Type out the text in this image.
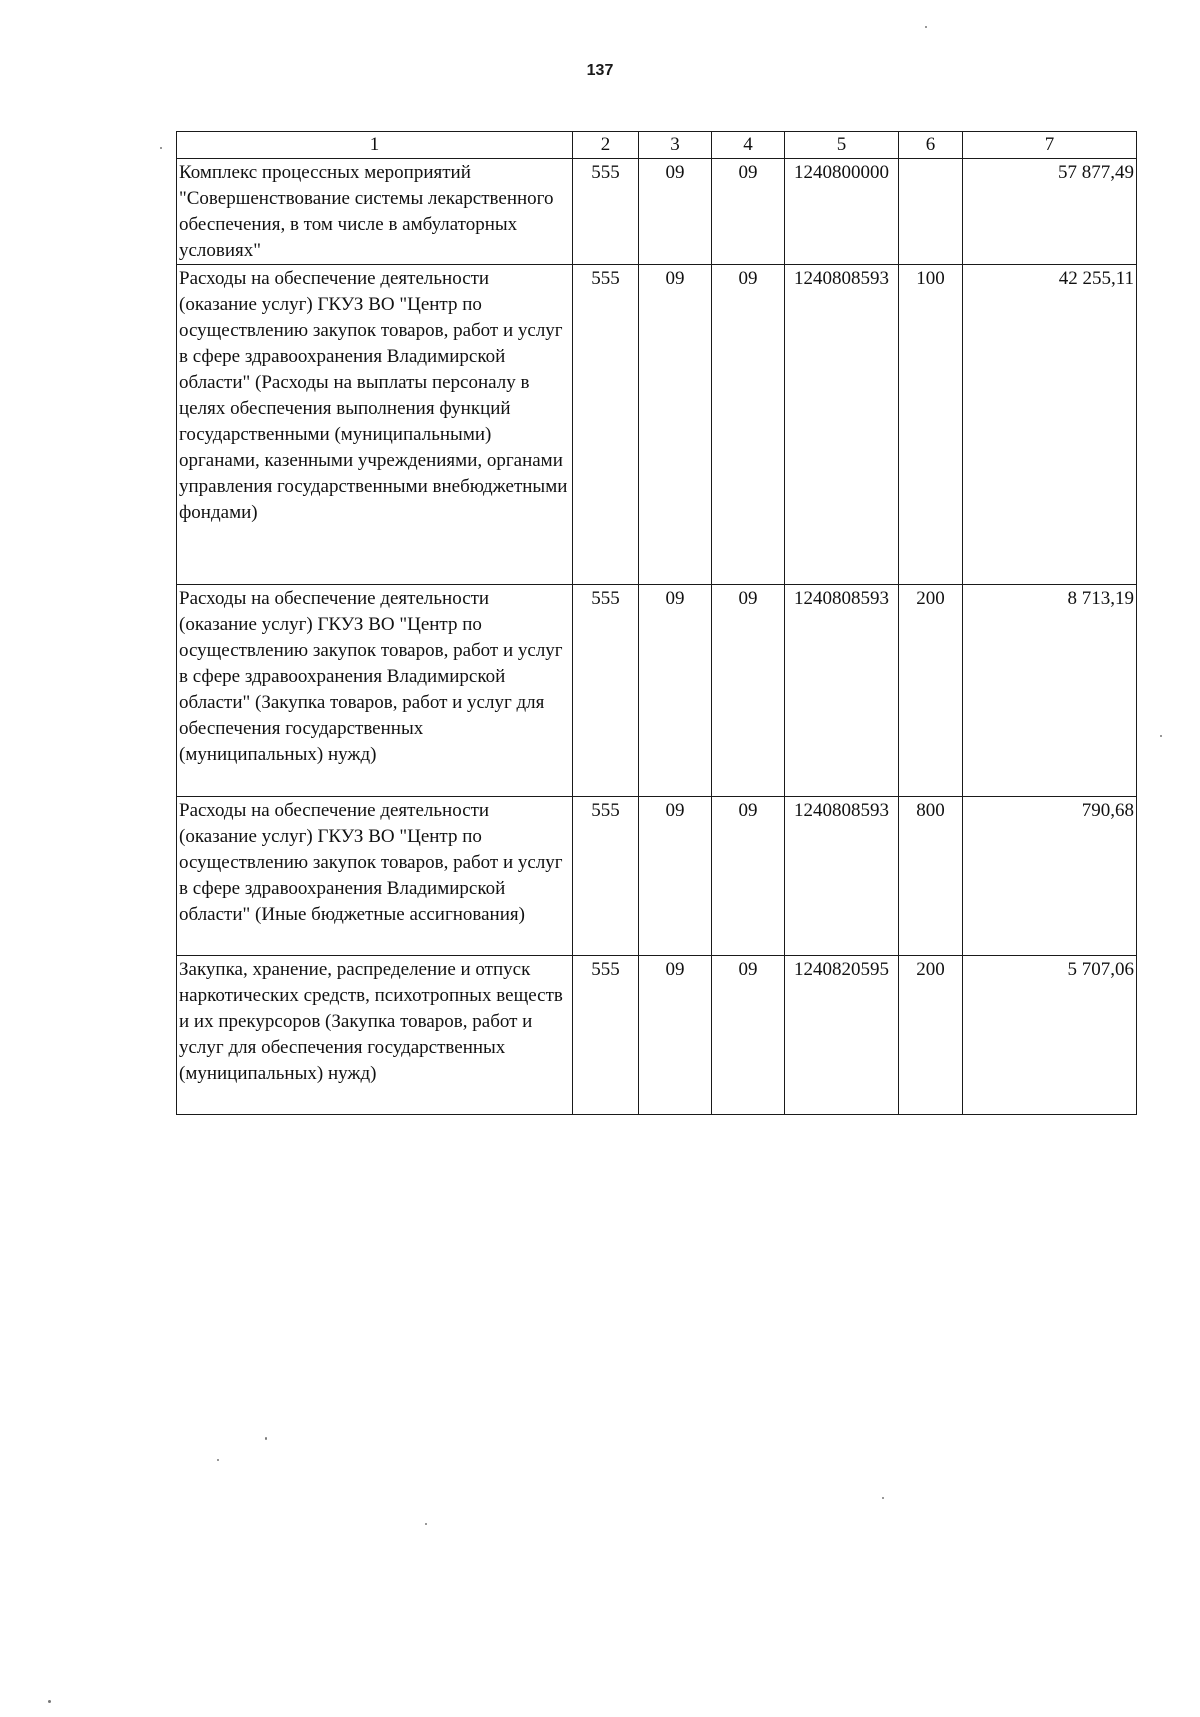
137
1	2	3	4	5	6	7
Комплекс процессных мероприятий "Совершенствование системы лекарственного обеспечения, в том числе в амбулаторных условиях"	555	09	09	1240800000		57 877,49
Расходы на обеспечение деятельности (оказание услуг) ГКУЗ ВО "Центр по осуществлению закупок товаров, работ и услуг в сфере здравоохранения Владимирской области" (Расходы на выплаты персоналу в целях обеспечения выполнения функций государственными (муниципальными) органами, казенными учреждениями, органами управления государственными внебюджетными фондами)	555	09	09	1240808593	100	42 255,11
Расходы на обеспечение деятельности (оказание услуг) ГКУЗ ВО "Центр по осуществлению закупок товаров, работ и услуг в сфере здравоохранения Владимирской области" (Закупка товаров, работ и услуг для обеспечения государственных (муниципальных) нужд)	555	09	09	1240808593	200	8 713,19
Расходы на обеспечение деятельности (оказание услуг) ГКУЗ ВО "Центр по осуществлению закупок товаров, работ и услуг в сфере здравоохранения Владимирской области" (Иные бюджетные ассигнования)	555	09	09	1240808593	800	790,68
Закупка, хранение, распределение и отпуск наркотических средств, психотропных веществ и их прекурсоров (Закупка товаров, работ и услуг для обеспечения государственных (муниципальных) нужд)	555	09	09	1240820595	200	5 707,06
